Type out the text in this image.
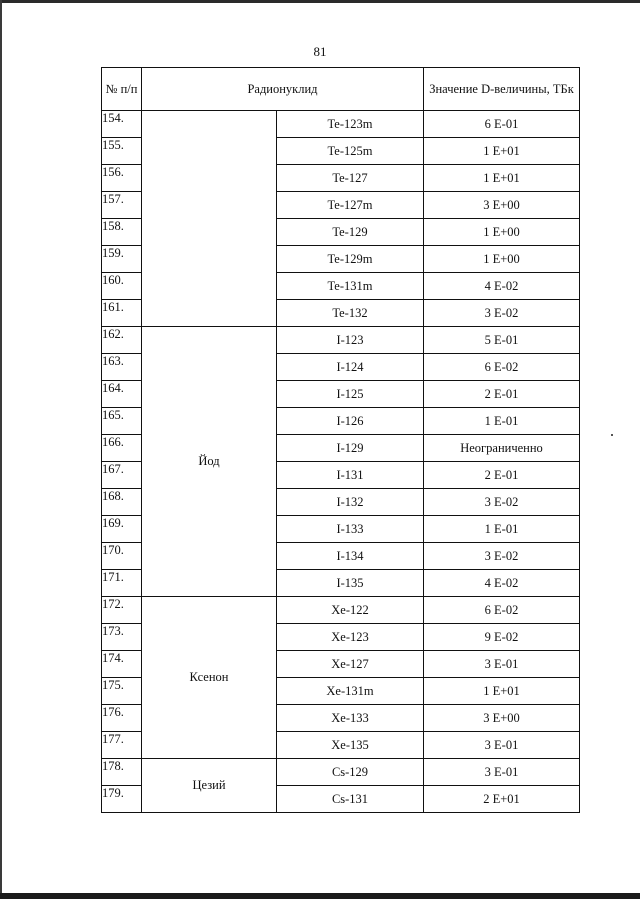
81
№ п/п	Радионуклид		Значение D-величины, ТБк
154.		Te-123m	6 E-01
155.		Te-125m	1 E+01
156.		Te-127	1 E+01
157.		Te-127m	3 E+00
158.		Te-129	1 E+00
159.		Te-129m	1 E+00
160.		Te-131m	4 E-02
161.		Te-132	3 E-02
162.	Йод	I-123	5 E-01
163.		I-124	6 E-02
164.		I-125	2 E-01
165.		I-126	1 E-01
166.		I-129	Неограниченно
167.		I-131	2 E-01
168.		I-132	3 E-02
169.		I-133	1 E-01
170.		I-134	3 E-02
171.		I-135	4 E-02
172.	Ксенон	Xe-122	6 E-02
173.		Xe-123	9 E-02
174.		Xe-127	3 E-01
175.		Xe-131m	1 E+01
176.		Xe-133	3 E+00
177.		Xe-135	3 E-01
178.	Цезий	Cs-129	3 E-01
179.		Cs-131	2 E+01
